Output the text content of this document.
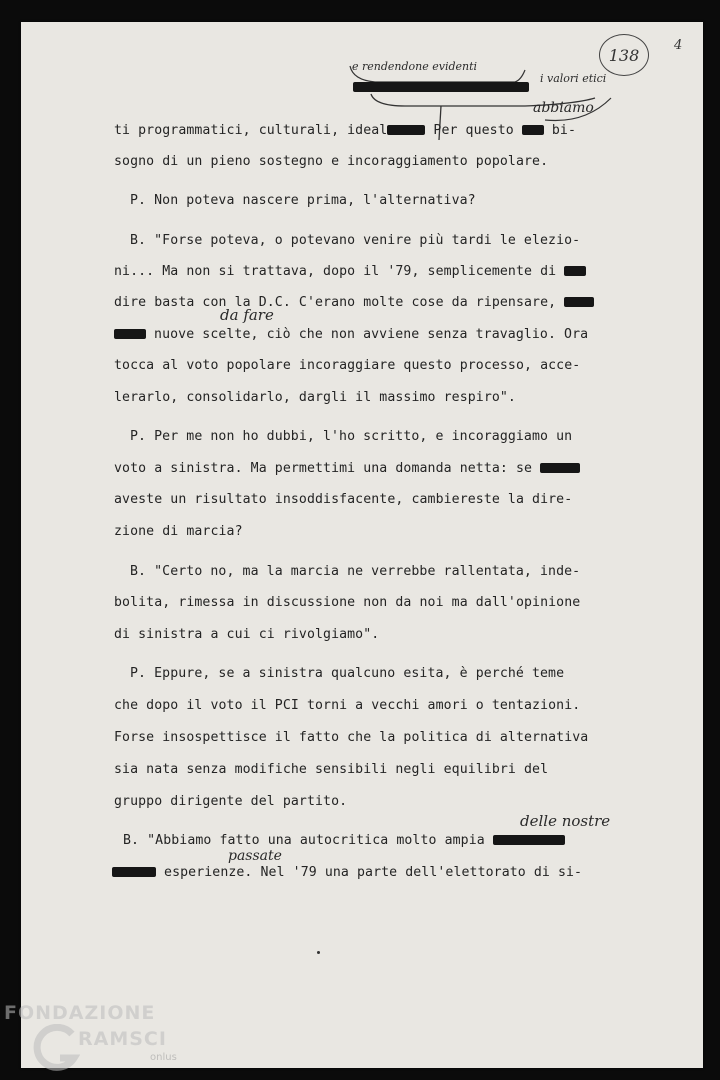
138	4
e rendendone evidenti
i valori etici
abbiamo
da fare
delle nostre
passate
ti programmatici, culturali, ideal	Per questo  bi-
sogno di un pieno sostegno e incoraggiamento popolare.
P. Non poteva nascere prima, l'alternativa?
B. "Forse poteva, o potevano venire più tardi le elezio-
ni... Ma non si trattava, dopo il '79, semplicemente di
dire basta con la D.C. C'erano molte cose da ripensare,
nuove scelte, ciò che non avviene senza travaglio. Ora
tocca al voto popolare incoraggiare questo processo, acce-
lerarlo, consolidarlo, dargli il massimo respiro".
P. Per me non ho dubbi, l'ho scritto, e incoraggiamo un
voto a sinistra. Ma permettimi una domanda netta: se
aveste un risultato insoddisfacente, cambiereste la dire-
zione di marcia?
B. "Certo no, ma la marcia ne verrebbe rallentata, inde-
bolita, rimessa in discussione non da noi ma dall'opinione
di sinistra a cui ci rivolgiamo".
P. Eppure, se a sinistra qualcuno esita, è perché teme
che dopo il voto il PCI torni a vecchi amori o tentazioni.
Forse insospettisce il fatto che la politica di alternativa
sia nata senza modifiche sensibili negli equilibri del
gruppo dirigente del partito.
B. "Abbiamo fatto una autocritica molto ampia
esperienze. Nel '79 una parte dell'elettorato di si-
FONDAZIONE
RAMSCI
onlus
